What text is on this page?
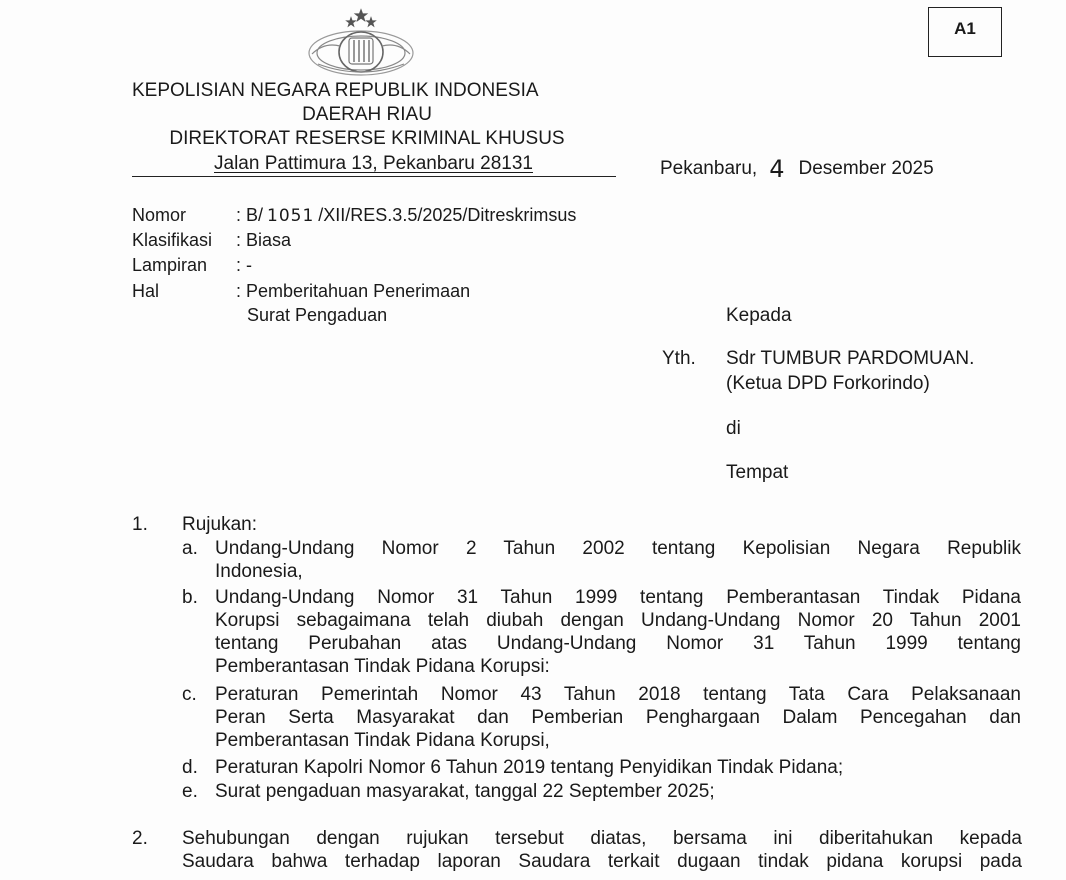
A1
KEPOLISIAN NEGARA REPUBLIK INDONESIA
DAERAH RIAU
DIREKTORAT RESERSE KRIMINAL KHUSUS
Jalan Pattimura 13, Pekanbaru 28131	Pekanbaru, 4 Desember 2025
Nomor	: B/ 1051 /XII/RES.3.5/2025/Ditreskrimsus
Klasifikasi : Biasa
Lampiran : -
Hal	: Pemberitahuan Penerimaan
Surat Pengaduan	Kepada
Yth. Sdr TUMBUR PARDOMUAN.
(Ketua DPD Forkorindo)
di
Tempat
1.	Rujukan:
a. Undang-Undang Nomor 2 Tahun 2002 tentang Kepolisian Negara Republik
Indonesia,
b. Undang-Undang Nomor 31 Tahun 1999 tentang Pemberantasan Tindak Pidana
Korupsi sebagaimana telah diubah dengan Undang-Undang Nomor 20 Tahun 2001
tentang Perubahan atas Undang-Undang Nomor 31 Tahun 1999 tentang
Pemberantasan Tindak Pidana Korupsi:
c. Peraturan Pemerintah Nomor 43 Tahun 2018 tentang Tata Cara Pelaksanaan
Peran Serta Masyarakat dan Pemberian Penghargaan Dalam Pencegahan dan
Pemberantasan Tindak Pidana Korupsi,
d. Peraturan Kapolri Nomor 6 Tahun 2019 tentang Penyidikan Tindak Pidana;
e. Surat pengaduan masyarakat, tanggal 22 September 2025;
2.	Sehubungan dengan rujukan tersebut diatas, bersama ini diberitahukan kepada
Saudara bahwa terhadap laporan Saudara terkait dugaan tindak pidana korupsi pada
